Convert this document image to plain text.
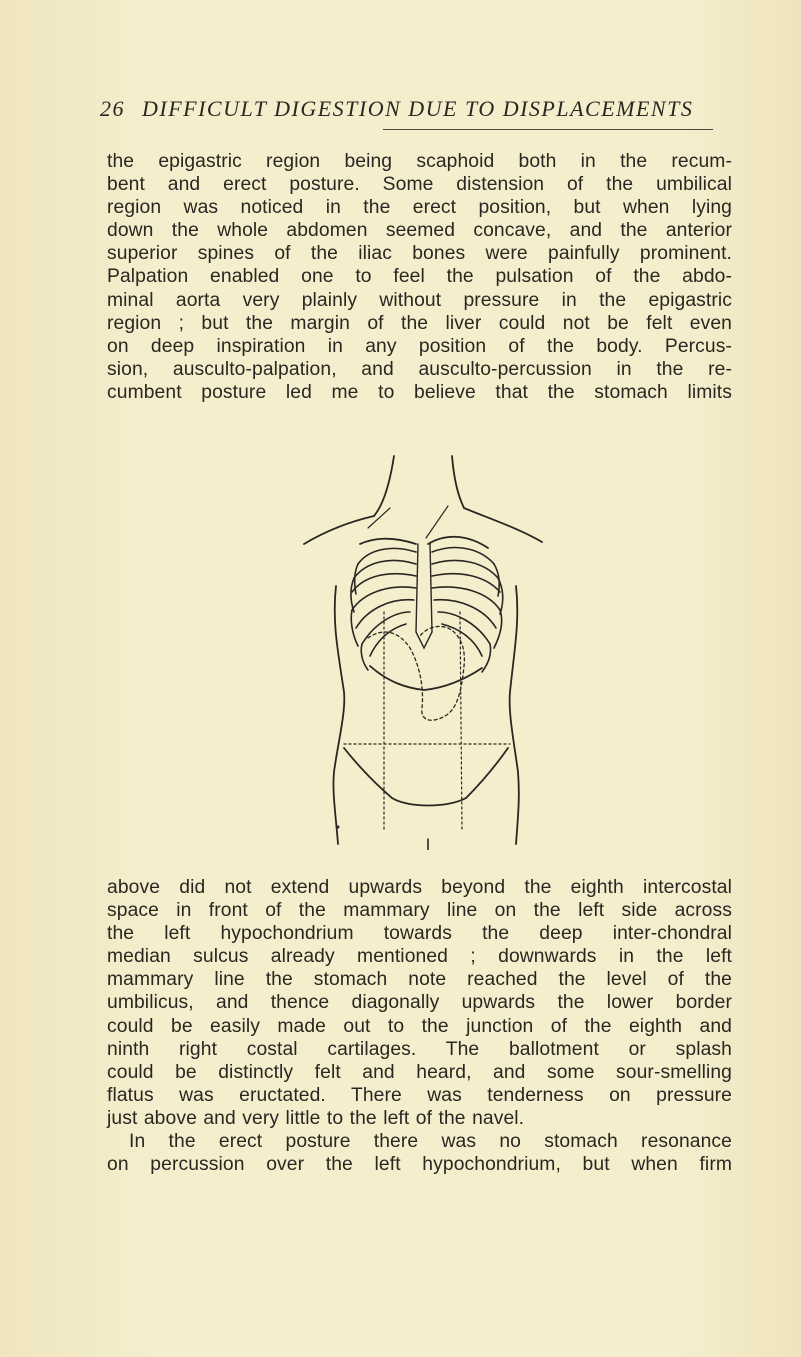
26 DIFFICULT DIGESTION DUE TO DISPLACEMENTS
the epigastric region being scaphoid both in the recum-
bent and erect posture. Some distension of the umbilical
region was noticed in the erect position, but when lying
down the whole abdomen seemed concave, and the anterior
superior spines of the iliac bones were painfully prominent.
Palpation enabled one to feel the pulsation of the abdo-
minal aorta very plainly without pressure in the epigastric
region ; but the margin of the liver could not be felt even
on deep inspiration in any position of the body. Percus-
sion, ausculto-palpation, and ausculto-percussion in the re-
cumbent posture led me to believe that the stomach limits
I
above did not extend upwards beyond the eighth intercostal
space in front of the mammary line on the left side across
the left hypochondrium towards the deep inter-chondral
median sulcus already mentioned ; downwards in the left
mammary line the stomach note reached the level of the
umbilicus, and thence diagonally upwards the lower border
could be easily made out to the junction of the eighth and
ninth right costal cartilages. The ballotment or splash
could be distinctly felt and heard, and some sour-smelling
flatus was eructated. There was tenderness on pressure
just above and very little to the left of the navel.
In the erect posture there was no stomach resonance
on percussion over the left hypochondrium, but when firm
